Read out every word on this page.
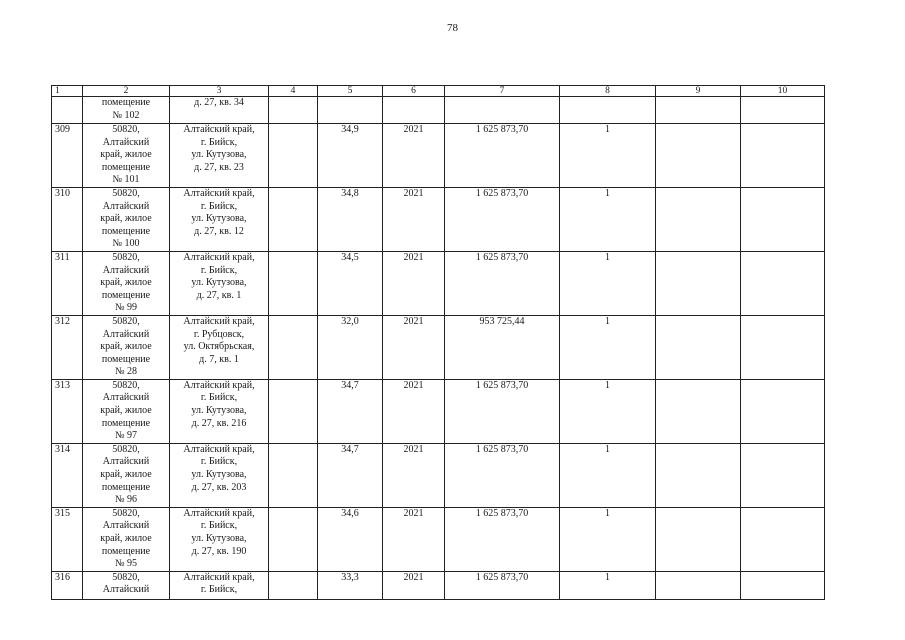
78
1	2	3	4	5	6	7	8	9	10
	помещение
№ 102	д. 27, кв. 34							
309	50820,
Алтайский
край, жилое
помещение
№ 101	Алтайский край,
г. Бийск,
ул. Кутузова,
д. 27, кв. 23		34,9	2021	1 625 873,70	1		
310	50820,
Алтайский
край, жилое
помещение
№ 100	Алтайский край,
г. Бийск,
ул. Кутузова,
д. 27, кв. 12		34,8	2021	1 625 873,70	1		
311	50820,
Алтайский
край, жилое
помещение
№ 99	Алтайский край,
г. Бийск,
ул. Кутузова,
д. 27, кв. 1		34,5	2021	1 625 873,70	1		
312	50820,
Алтайский
край, жилое
помещение
№ 28	Алтайский край,
г. Рубцовск,
ул. Октябрьская,
д. 7, кв. 1		32,0	2021	953 725,44	1		
313	50820,
Алтайский
край, жилое
помещение
№ 97	Алтайский край,
г. Бийск,
ул. Кутузова,
д. 27, кв. 216		34,7	2021	1 625 873,70	1		
314	50820,
Алтайский
край, жилое
помещение
№ 96	Алтайский край,
г. Бийск,
ул. Кутузова,
д. 27, кв. 203		34,7	2021	1 625 873,70	1		
315	50820,
Алтайский
край, жилое
помещение
№ 95	Алтайский край,
г. Бийск,
ул. Кутузова,
д. 27, кв. 190		34,6	2021	1 625 873,70	1		
316	50820,
Алтайский	Алтайский край,
г. Бийск,		33,3	2021	1 625 873,70	1		
